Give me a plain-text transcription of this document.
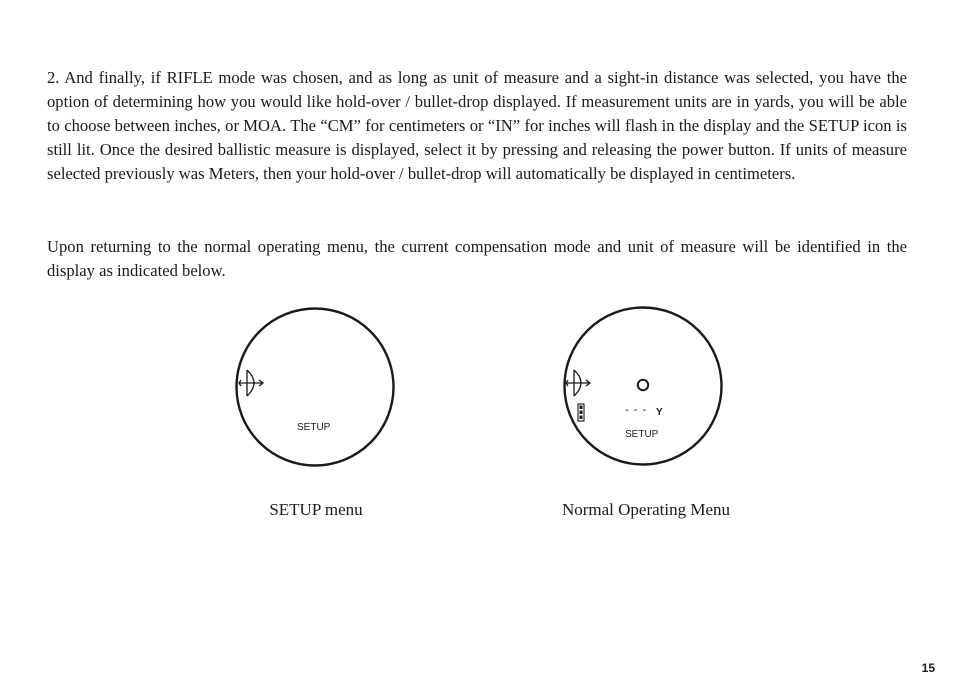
2. And finally, if RIFLE mode was chosen, and as long as unit of measure and a sight-in distance was selected, you have the option of determining how you would like hold-over / bullet-drop displayed. If measurement units are in yards, you will be able to choose between inches, or MOA. The “CM” for centimeters or “IN” for inches will flash in the display and the SETUP icon is still lit. Once the desired ballistic measure is displayed, select it by pressing and releasing the power button. If units of measure selected previously was Meters, then your hold-over / bullet-drop will automatically be displayed in centimeters.

Upon returning to the normal operating menu, the current compensation mode and unit of measure will be identified in the display as indicated below.

SETUP
SETUP menu
- - - Y
SETUP
Normal Operating Menu
15
